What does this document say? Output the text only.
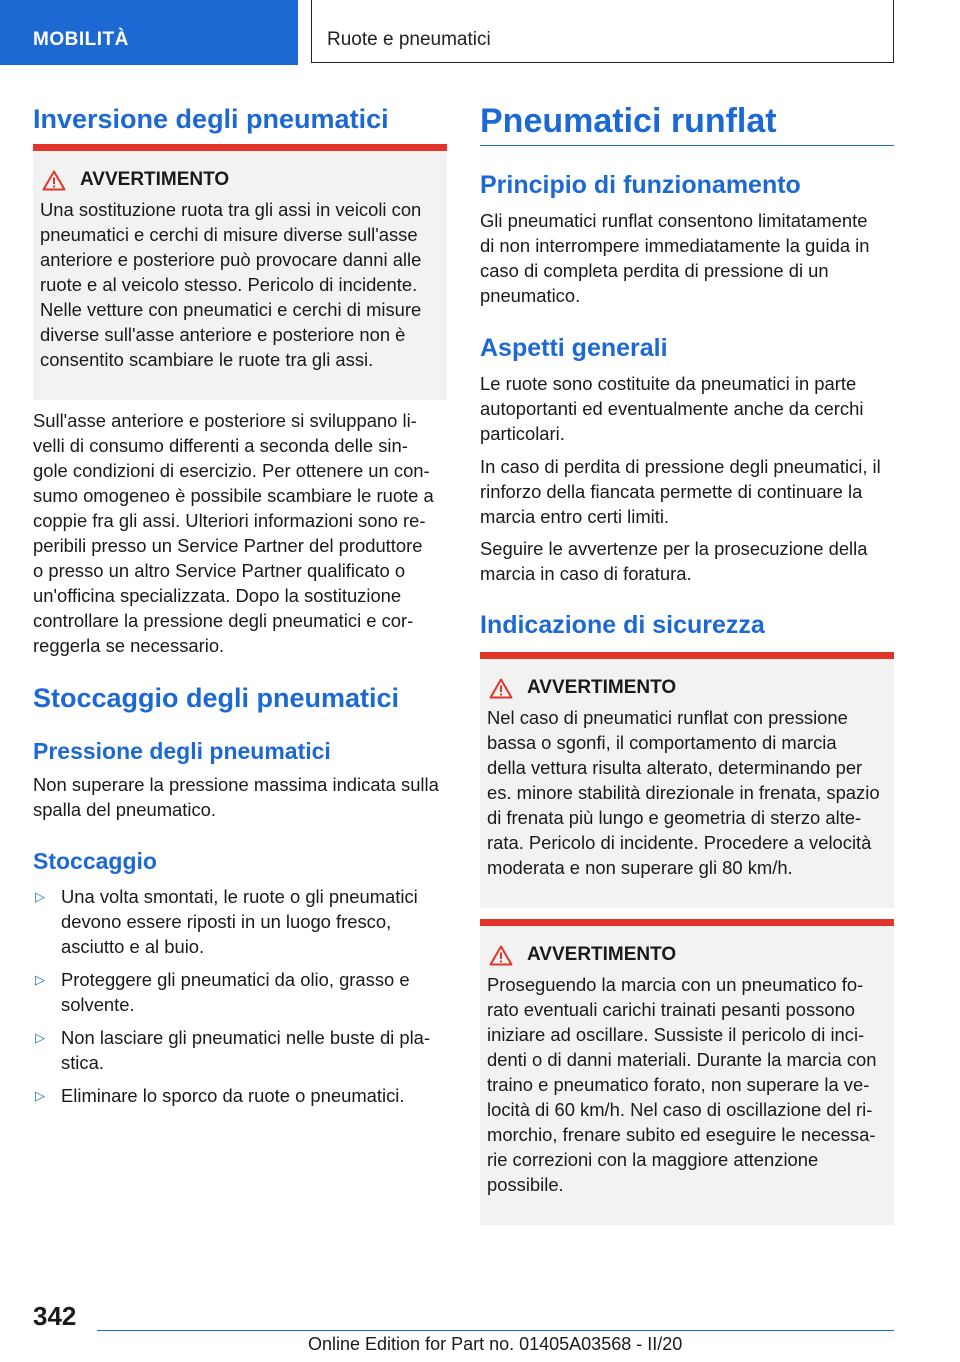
MOBILITÀ	Ruote e pneumatici
Inversione degli pneumatici
AVVERTIMENTO
Una sostituzione ruota tra gli assi in veicoli con
pneumatici e cerchi di misure diverse sull'asse
anteriore e posteriore può provocare danni alle
ruote e al veicolo stesso. Pericolo di incidente.
Nelle vetture con pneumatici e cerchi di misure
diverse sull'asse anteriore e posteriore non è
consentito scambiare le ruote tra gli assi.
Sull'asse anteriore e posteriore si sviluppano li-
velli di consumo differenti a seconda delle sin-
gole condizioni di esercizio. Per ottenere un con-
sumo omogeneo è possibile scambiare le ruote a
coppie fra gli assi. Ulteriori informazioni sono re-
peribili presso un Service Partner del produttore
o presso un altro Service Partner qualificato o
un'officina specializzata. Dopo la sostituzione
controllare la pressione degli pneumatici e cor-
reggerla se necessario.
Stoccaggio degli pneumatici
Pressione degli pneumatici
Non superare la pressione massima indicata sulla
spalla del pneumatico.
Stoccaggio
▷ Una volta smontati, le ruote o gli pneumatici
devono essere riposti in un luogo fresco,
asciutto e al buio.
▷ Proteggere gli pneumatici da olio, grasso e
solvente.
▷ Non lasciare gli pneumatici nelle buste di pla-
stica.
▷ Eliminare lo sporco da ruote o pneumatici.
Pneumatici runflat
Principio di funzionamento
Gli pneumatici runflat consentono limitatamente
di non interrompere immediatamente la guida in
caso di completa perdita di pressione di un
pneumatico.
Aspetti generali
Le ruote sono costituite da pneumatici in parte
autoportanti ed eventualmente anche da cerchi
particolari.
In caso di perdita di pressione degli pneumatici, il
rinforzo della fiancata permette di continuare la
marcia entro certi limiti.
Seguire le avvertenze per la prosecuzione della
marcia in caso di foratura.
Indicazione di sicurezza
AVVERTIMENTO
Nel caso di pneumatici runflat con pressione
bassa o sgonfi, il comportamento di marcia
della vettura risulta alterato, determinando per
es. minore stabilità direzionale in frenata, spazio
di frenata più lungo e geometria di sterzo alte-
rata. Pericolo di incidente. Procedere a velocità
moderata e non superare gli 80 km/h.
AVVERTIMENTO
Proseguendo la marcia con un pneumatico fo-
rato eventuali carichi trainati pesanti possono
iniziare ad oscillare. Sussiste il pericolo di inci-
denti o di danni materiali. Durante la marcia con
traino e pneumatico forato, non superare la ve-
locità di 60 km/h. Nel caso di oscillazione del ri-
morchio, frenare subito ed eseguire le necessa-
rie correzioni con la maggiore attenzione
possibile.
342
Online Edition for Part no. 01405A03568 - II/20
